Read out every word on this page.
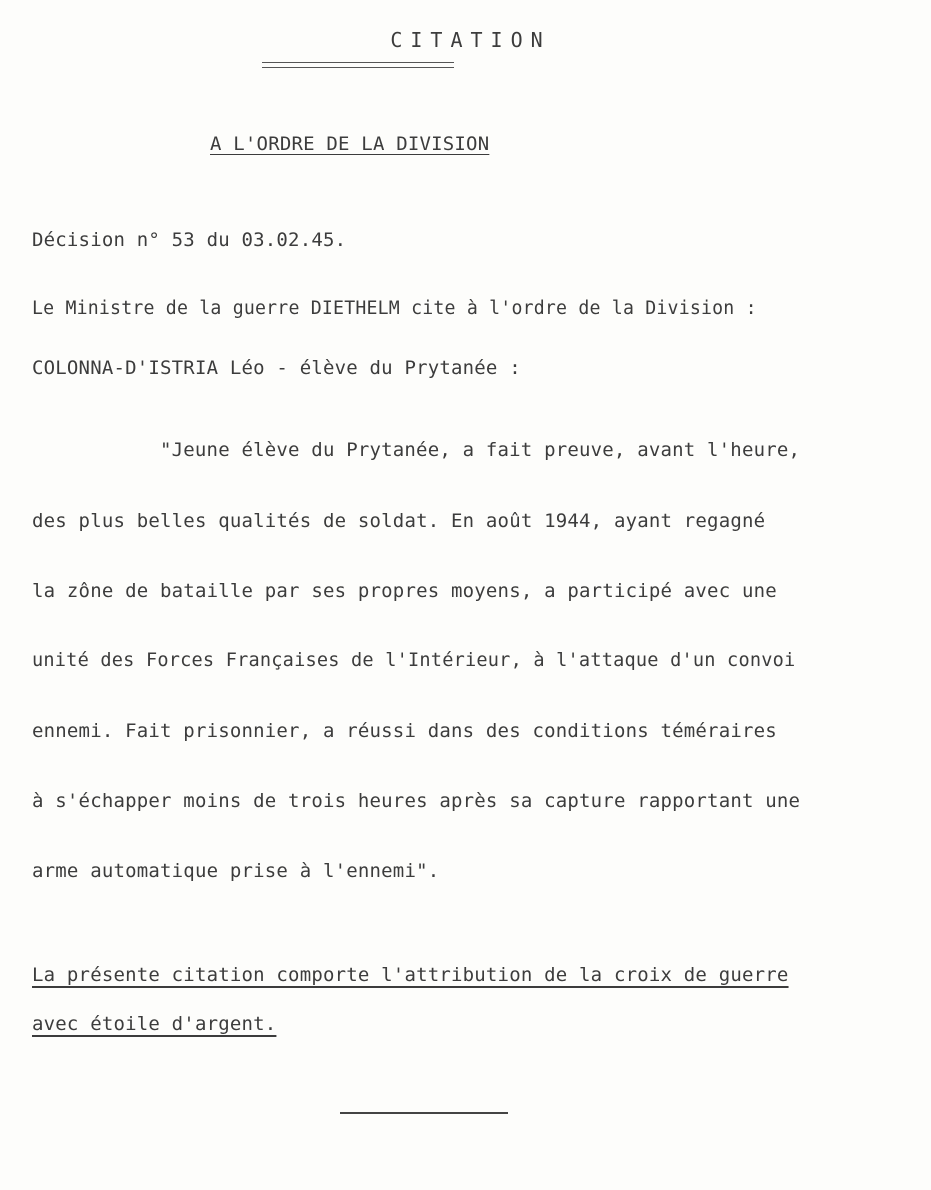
CITATION
A L'ORDRE DE LA DIVISION
Décision n° 53 du 03.02.45.
Le Ministre de la guerre DIETHELM cite à l'ordre de la Division :
COLONNA-D'ISTRIA Léo - élève du Prytanée :
"Jeune élève du Prytanée, a fait preuve, avant l'heure,
des plus belles qualités de soldat. En août 1944, ayant regagné
la zône de bataille par ses propres moyens, a participé avec une
unité des Forces Françaises de l'Intérieur, à l'attaque d'un convoi
ennemi. Fait prisonnier, a réussi dans des conditions téméraires
à s'échapper moins de trois heures après sa capture rapportant une
arme automatique prise à l'ennemi".
La présente citation comporte l'attribution de la croix de guerre
avec étoile d'argent.
